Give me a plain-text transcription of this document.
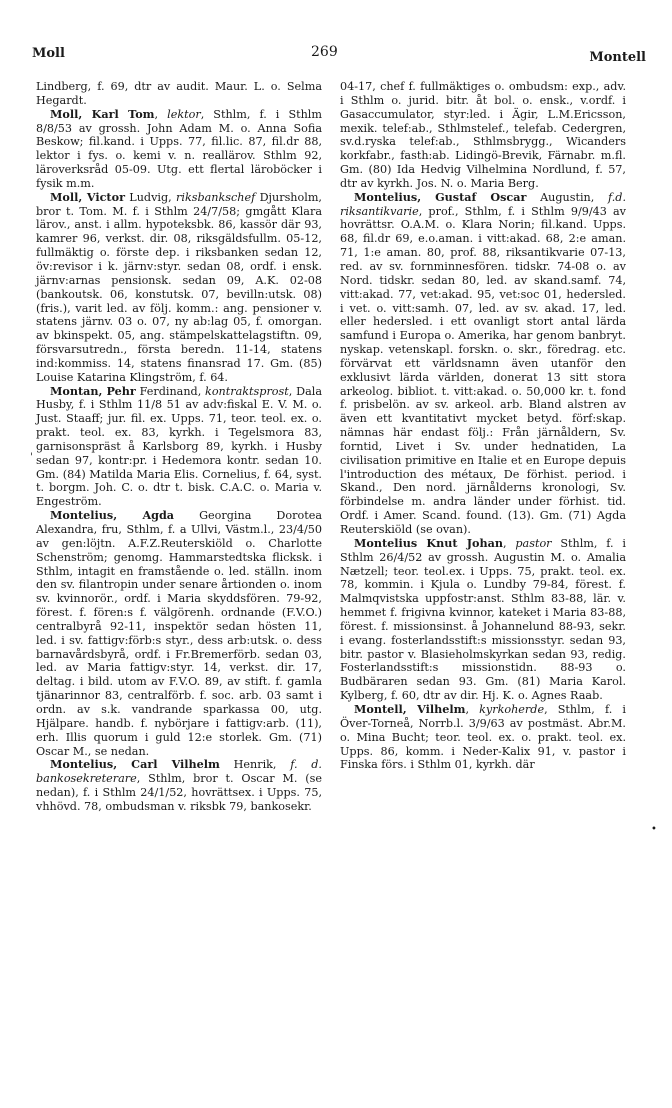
Moll	269	Montell

Lindberg, f. 69, dtr av audit. Maur. L. o. Selma Hegardt.

Moll, Karl Tom, lektor, Sthlm, f. i Sthlm 8/8/53 av grossh. John Adam M. o. Anna Sofia Beskow; fil.kand. i Upps. 77, fil.lic. 87, fil.dr 88, lektor i fys. o. kemi v. n. reallärov. Sthlm 92, läroverksråd 05-09. Utg. ett flertal läroböcker i fysik m.m.

Moll, Victor Ludvig, riksbankschef Djursholm, bror t. Tom. M. f. i Sthlm 24/7/58; gmgått Klara lärov., anst. i allm. hypoteksbk. 86, kassör där 93, kamrer 96, verkst. dir. 08, riksgäldsfullm. 05-12, fullmäktig o. förste dep. i riksbanken sedan 12, öv:revisor i k. järnv:styr. sedan 08, ordf. i ensk. järnv:arnas pensionsk. sedan 09, A.K. 02-08 (bankoutsk. 06, konstutsk. 07, bevilln:utsk. 08) (fris.), varit led. av följ. komm.: ang. pensioner v. statens järnv. 03 o. 07, ny ab:lag 05, f. omorgan. av bkinspekt. 05, ang. stämpelskattelagstiftn. 09, försvarsutredn., första beredn. 11-14, statens ind:kommiss. 14, statens finansrad 17. Gm. (85) Louise Katarina Klingström, f. 64.

Montan, Pehr Ferdinand, kontraktsprost, Dala Husby, f. i Sthlm 11/8 51 av adv:fiskal E. V. M. o. Just. Staaff; jur. fil. ex. Upps. 71, teor. teol. ex. o. prakt. teol. ex. 83, kyrkh. i Tegelsmora 83, garnisonspräst å Karlsborg 89, kyrkh. i Husby sedan 97, kontr:pr. i Hedemora kontr. sedan 10. Gm. (84) Matilda Maria Elis. Cornelius, f. 64, syst. t. borgm. Joh. C. o. dtr t. bisk. C.A.C. o. Maria v. Engeström.

Montelius, Agda Georgina Dorotea Alexandra, fru, Sthlm, f. a Ullvi, Västm.l., 23/4/50 av gen:löjtn. A.F.Z.Reuterskiöld o. Charlotte Schenström; genomg. Hammarstedtska flicksk. i Sthlm, intagit en framstående o. led. ställn. inom den sv. filantropin under senare årtionden o. inom sv. kvinnorör., ordf. i Maria skyddsfören. 79-92, förest. f. fören:s f. välgörenh. ordnande (F.V.O.) centralbyrå 92-11, inspektör sedan hösten 11, led. i sv. fattigv:förb:s styr., dess arb:utsk. o. dess barnavårdsbyrå, ordf. i Fr.Bremerförb. sedan 03, led. av Maria fattigv:styr. 14, verkst. dir. 17, deltag. i bild. utom av F.V.O. 89, av stift. f. gamla tjänarinnor 83, centralförb. f. soc. arb. 03 samt i ordn. av s.k. vandrande sparkassa 00, utg. Hjälpare. handb. f. nybörjare i fattigv:arb. (11), erh. Illis quorum i guld 12:e storlek. Gm. (71) Oscar M., se nedan.

Montelius, Carl Vilhelm Henrik, f. d. bankosekreterare, Sthlm, bror t. Oscar M. (se nedan), f. i Sthlm 24/1/52, hovrättsex. i Upps. 75, vhhövd. 78, ombudsman v. riksbk 79, bankosekr.

04-17, chef f. fullmäktiges o. ombudsm: exp., adv. i Sthlm o. jurid. bitr. åt bol. o. ensk., v.ordf. i Gasaccumulator, styr:led. i Ägir, L.M.Ericsson, mexik. telef:ab., Sthlmstelef., telefab. Cedergren, sv.d.ryska telef:ab., Sthlmsbrygg., Wicanders korkfabr., fasth:ab. Lidingö-Brevik, Färnabr. m.fl. Gm. (80) Ida Hedvig Vilhelmina Nordlund, f. 57, dtr av kyrkh. Jos. N. o. Maria Berg.

Montelius, Gustaf Oscar Augustin, f.d. riksantikvarie, prof., Sthlm, f. i Sthlm 9/9/43 av hovrättsr. O.A.M. o. Klara Norin; fil.kand. Upps. 68, fil.dr 69, e.o.aman. i vitt:akad. 68, 2:e aman. 71, 1:e aman. 80, prof. 88, riksantikvarie 07-13, red. av sv. fornminnesfören. tidskr. 74-08 o. av Nord. tidskr. sedan 80, led. av skand.samf. 74, vitt:akad. 77, vet:akad. 95, vet:soc 01, hedersled. i vet. o. vitt:samh. 07, led. av sv. akad. 17, led. eller hedersled. i ett ovanligt stort antal lärda samfund i Europa o. Amerika, har genom banbryt. nyskap. vetenskapl. forskn. o. skr., föredrag. etc. förvärvat ett världsnamn även utanför den exklusivt lärda världen, donerat 13 sitt stora arkeolog. bibliot. t. vitt:akad. o. 50,000 kr. t. fond f. prisbelön. av sv. arkeol. arb. Bland alstren av även ett kvantitativt mycket betyd. förf:skap. nämnas här endast följ.: Från järnåldern, Sv. forntid, Livet i Sv. under hednatiden, La civilisation primitive en Italie et en Europe depuis l'introduction des métaux, De förhist. period. i Skand., Den nord. järnålderns kronologi, Sv. förbindelse m. andra länder under förhist. tid. Ordf. i Amer. Scand. found. (13). Gm. (71) Agda Reuterskiöld (se ovan).

Montelius Knut Johan, pastor Sthlm, f. i Sthlm 26/4/52 av grossh. Augustin M. o. Amalia Nætzell; teor. teol.ex. i Upps. 75, prakt. teol. ex. 78, kommin. i Kjula o. Lundby 79-84, förest. f. Malmqvistska uppfostr:anst. Sthlm 83-88, lär. v. hemmet f. frigivna kvinnor, kateket i Maria 83-88, förest. f. missionsinst. å Johannelund 88-93, sekr. i evang. fosterlandsstift:s missionsstyr. sedan 93, bitr. pastor v. Blasieholmskyrkan sedan 93, redig. Fosterlandsstift:s missionstidn. 88-93 o. Budbäraren sedan 93. Gm. (81) Maria Karol. Kylberg, f. 60, dtr av dir. Hj. K. o. Agnes Raab.

Montell, Vilhelm, kyrkoherde, Sthlm, f. i Över-Torneå, Norrb.l. 3/9/63 av postmäst. Abr.M. o. Mina Bucht; teor. teol. ex. o. prakt. teol. ex. Upps. 86, komm. i Neder-Kalix 91, v. pastor i Finska förs. i Sthlm 01, kyrkh. där

'
•
